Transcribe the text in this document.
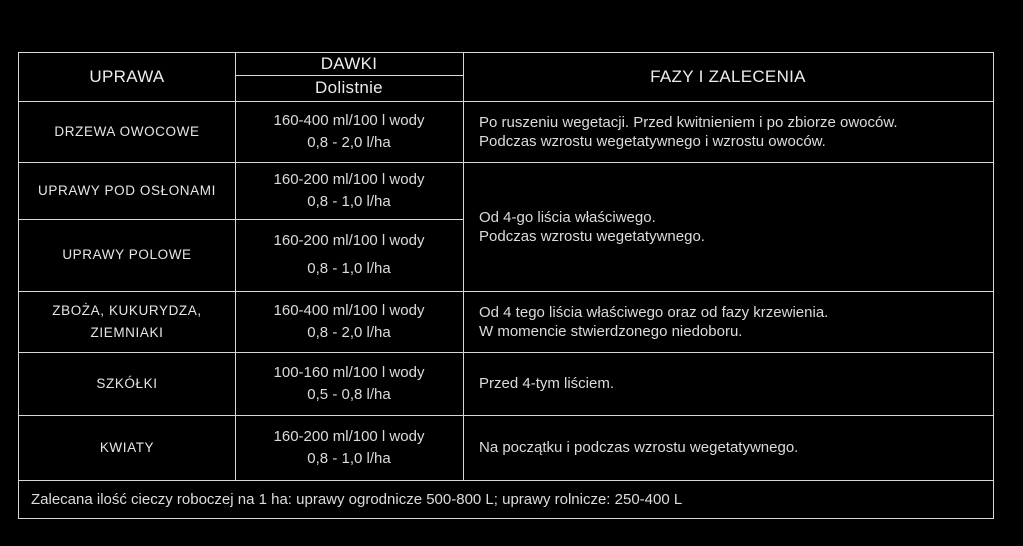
UPRAWA
DAWKI
Dolistnie
FAZY I ZALECENIA
DRZEWA OWOCOWE
160-400 ml/100 l wody
0,8 - 2,0 l/ha
Po ruszeniu wegetacji. Przed kwitnieniem i po zbiorze owoców.
Podczas wzrostu wegetatywnego i wzrostu owoców.
UPRAWY POD OSŁONAMI
160-200 ml/100 l wody
0,8 - 1,0 l/ha
UPRAWY POLOWE
160-200 ml/100 l wody
0,8 - 1,0 l/ha
Od 4-go liścia właściwego.
Podczas wzrostu wegetatywnego.
ZBOŻA, KUKURYDZA,
ZIEMNIAKI
160-400 ml/100 l wody
0,8 - 2,0 l/ha
Od 4 tego liścia właściwego oraz od fazy krzewienia.
W momencie stwierdzonego niedoboru.
SZKÓŁKI
100-160 ml/100 l wody
0,5 - 0,8 l/ha
Przed 4-tym liściem.
KWIATY
160-200 ml/100 l wody
0,8 - 1,0 l/ha
Na początku i podczas wzrostu wegetatywnego.
Zalecana ilość cieczy roboczej na 1 ha: uprawy ogrodnicze 500-800 L; uprawy rolnicze: 250-400 L
